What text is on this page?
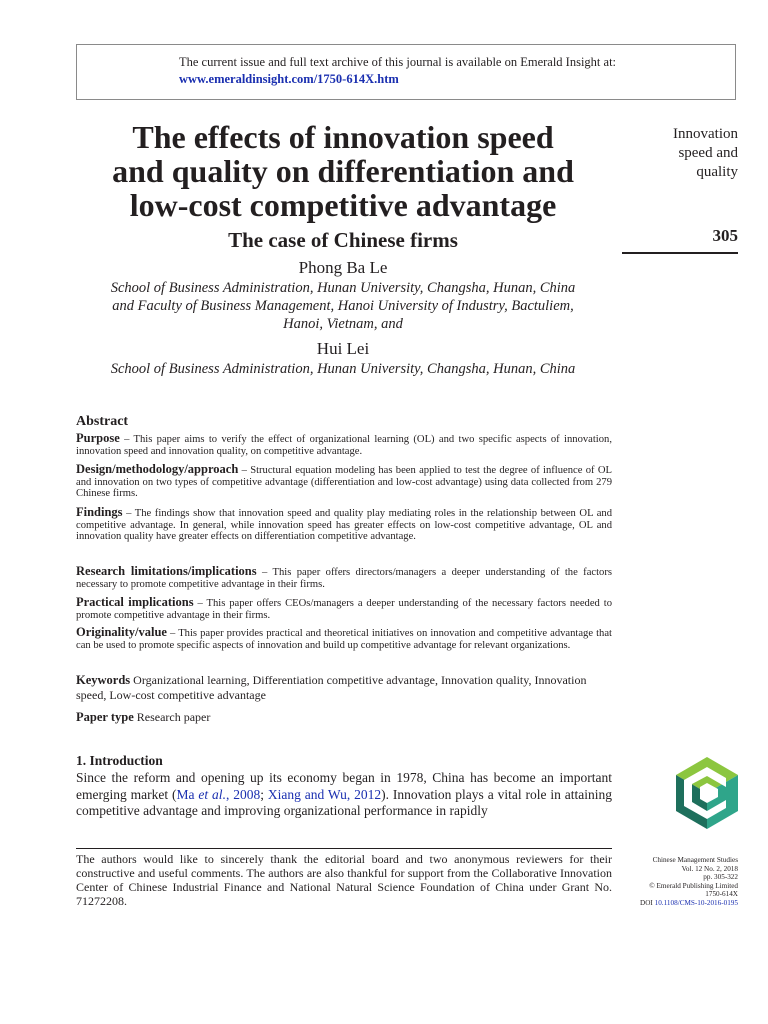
The current issue and full text archive of this journal is available on Emerald Insight at:
www.emeraldinsight.com/1750-614X.htm
The effects of innovation speed
and quality on differentiation and
low-cost competitive advantage
The case of Chinese firms
Phong Ba Le
School of Business Administration, Hunan University, Changsha, Hunan, China
and Faculty of Business Management, Hanoi University of Industry, Bactuliem,
Hanoi, Vietnam, and
Hui Lei
School of Business Administration, Hunan University, Changsha, Hunan, China
Innovation
speed and
quality
305
Abstract
Purpose – This paper aims to verify the effect of organizational learning (OL) and two specific aspects of innovation, innovation speed and innovation quality, on competitive advantage.
Design/methodology/approach – Structural equation modeling has been applied to test the degree of influence of OL and innovation on two types of competitive advantage (differentiation and low-cost advantage) using data collected from 279 Chinese firms.
Findings – The findings show that innovation speed and quality play mediating roles in the relationship between OL and competitive advantage. In general, while innovation speed has greater effects on low-cost competitive advantage, OL and innovation quality have greater effects on differentiation competitive advantage.
Research limitations/implications – This paper offers directors/managers a deeper understanding of the factors necessary to promote competitive advantage in their firms.
Practical implications – This paper offers CEOs/managers a deeper understanding of the necessary factors needed to promote competitive advantage in their firms.
Originality/value – This paper provides practical and theoretical initiatives on innovation and competitive advantage that can be used to promote specific aspects of innovation and build up competitive advantage for relevant organizations.
Keywords Organizational learning, Differentiation competitive advantage, Innovation quality, Innovation speed, Low-cost competitive advantage
Paper type Research paper
1. Introduction
Since the reform and opening up its economy began in 1978, China has become an important emerging market (Ma et al., 2008; Xiang and Wu, 2012). Innovation plays a vital role in attaining competitive advantage and improving organizational performance in rapidly
The authors would like to sincerely thank the editorial board and two anonymous reviewers for their constructive and useful comments. The authors are also thankful for support from the Collaborative Innovation Center of Chinese Industrial Finance and National Natural Science Foundation of China under Grant No. 71272208.
Chinese Management Studies
Vol. 12 No. 2, 2018
pp. 305-322
© Emerald Publishing Limited
1750-614X
DOI 10.1108/CMS-10-2016-0195
